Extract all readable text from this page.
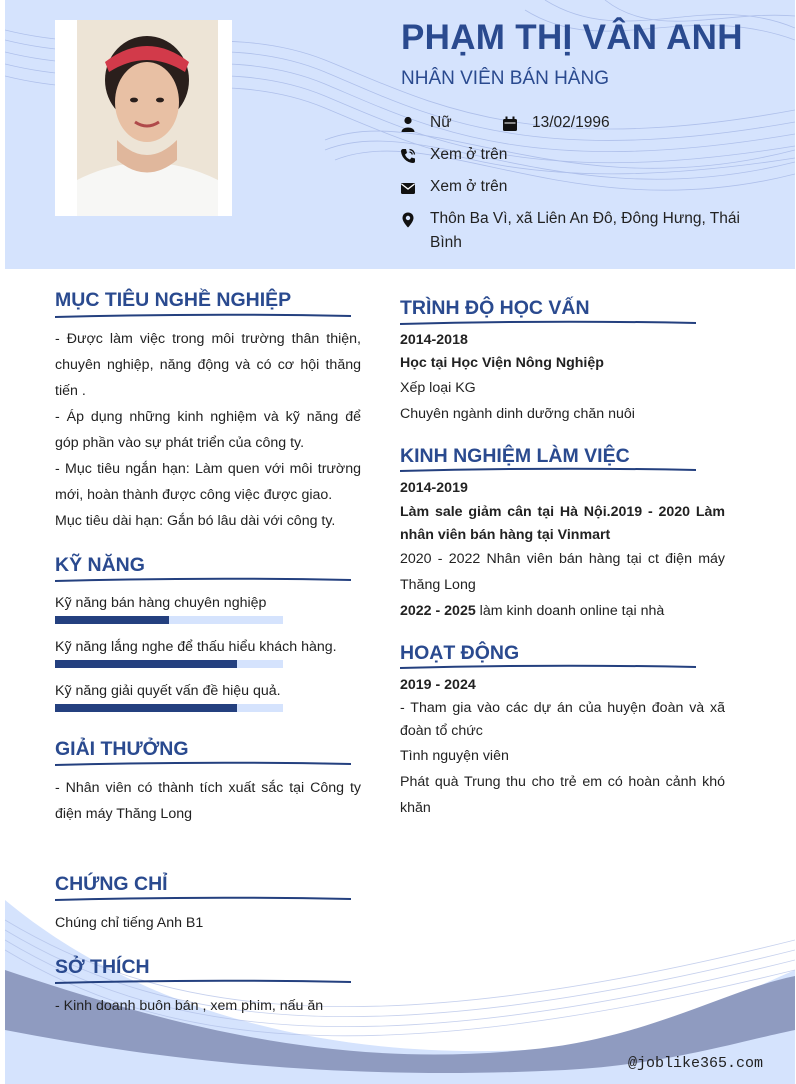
PHẠM THỊ VÂN ANH
NHÂN VIÊN BÁN HÀNG
Nữ	13/02/1996
Xem ở trên
Xem ở trên
Thôn Ba Vì, xã Liên An Đô, Đông Hưng, Thái Bình
MỤC TIÊU NGHỀ NGHIỆP

- Được làm việc trong môi trường thân thiện, chuyên nghiệp, năng động và có cơ hội thăng tiến .

- Áp dụng những kinh nghiệm và kỹ năng để góp phần vào sự phát triển của công ty.

- Mục tiêu ngắn hạn: Làm quen với môi trường mới, hoàn thành được công việc được giao.

Mục tiêu dài hạn: Gắn bó lâu dài với công ty.

KỸ NĂNG
Kỹ năng bán hàng chuyên nghiệp
Kỹ năng lắng nghe để thấu hiểu khách hàng.
Kỹ năng giải quyết vấn đề hiệu quả.
GIẢI THƯỞNG
- Nhân viên có thành tích xuất sắc tại Công ty điện máy Thăng Long
CHỨNG CHỈ
Chúng chỉ tiếng Anh B1
SỞ THÍCH
- Kinh doanh buôn bán , xem phim, nấu ăn
TRÌNH ĐỘ HỌC VẤN
2014-2018
Học tại Học Viện Nông Nghiệp
Xếp loại KG
Chuyên ngành dinh dưỡng chăn nuôi
KINH NGHIỆM LÀM VIỆC
2014-2019
Làm sale giảm cân tại Hà Nội.2019 - 2020 Làm nhân viên bán hàng tại Vinmart
2020 - 2022 Nhân viên bán hàng tại ct điện máy Thăng Long
2022 - 2025 làm kinh doanh online tại nhà
HOẠT ĐỘNG
2019 - 2024
- Tham gia vào các dự án của huyện đoàn và xã đoàn tổ chức
Tình nguyện viên
Phát quà Trung thu cho trẻ em có hoàn cảnh khó khăn
@joblike365.com
